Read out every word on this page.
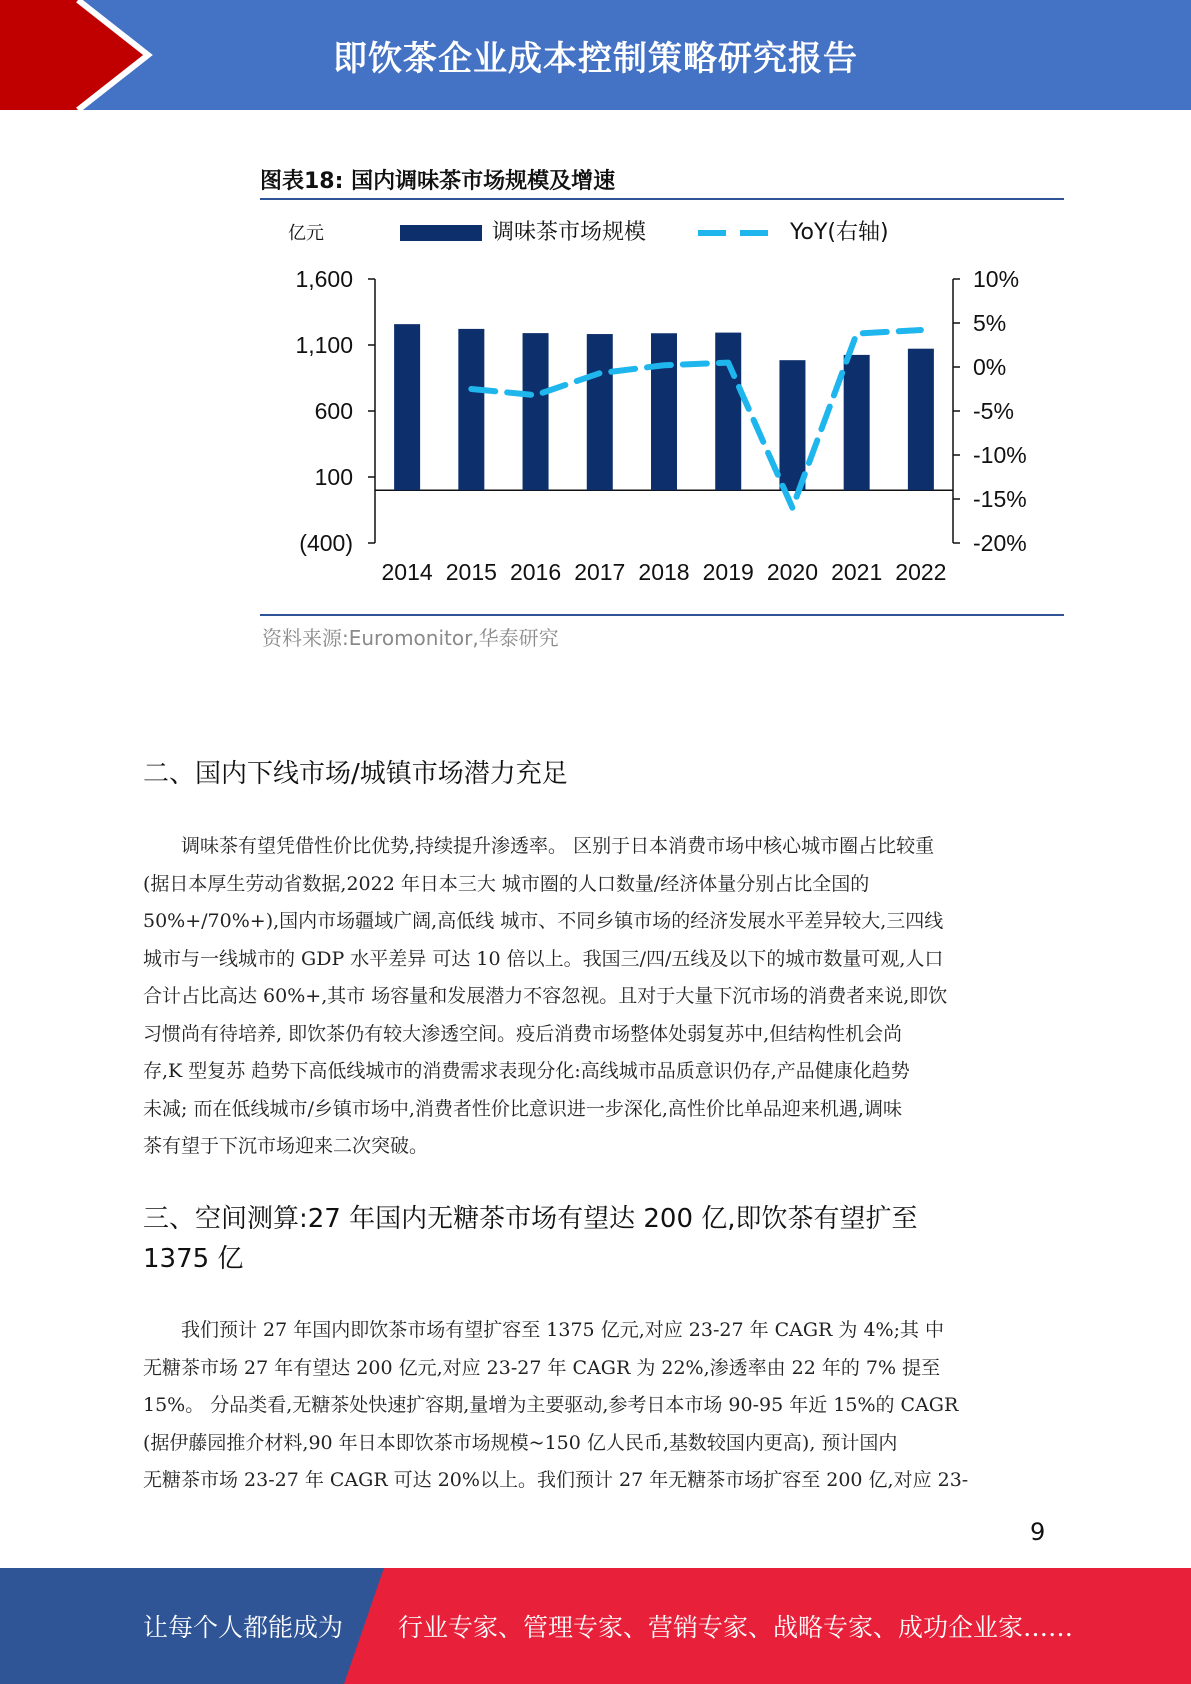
即饮茶企业成本控制策略研究报告
图表18: 国内调味茶市场规模及增速
调味茶市场规模	YoY(右轴)
亿元
1,600
1,100
600
100
(400)
10%
5%
0%
-5%
-10%
-15%
-20%
2014 2015 2016 2017 2018 2019 2020 2021 2022
资料来源:Euromonitor,华泰研究
二、国内下线市场/城镇市场潜力充足
调味茶有望凭借性价比优势,持续提升渗透率。 区别于日本消费市场中核心城市圈占比较重
(据日本厚生劳动省数据,2022 年日本三大 城市圈的人口数量/经济体量分别占比全国的
50%+/70%+),国内市场疆域广阔,高低线 城市、不同乡镇市场的经济发展水平差异较大,三四线
城市与一线城市的 GDP 水平差异 可达 10 倍以上。我国三/四/五线及以下的城市数量可观,人口
合计占比高达 60%+,其市 场容量和发展潜力不容忽视。且对于大量下沉市场的消费者来说,即饮
习惯尚有待培养, 即饮茶仍有较大渗透空间。疫后消费市场整体处弱复苏中,但结构性机会尚
存,K 型复苏 趋势下高低线城市的消费需求表现分化:高线城市品质意识仍存,产品健康化趋势
未减; 而在低线城市/乡镇市场中,消费者性价比意识进一步深化,高性价比单品迎来机遇,调味
茶有望于下沉市场迎来二次突破。
三、空间测算:27 年国内无糖茶市场有望达 200 亿,即饮茶有望扩至
1375 亿
我们预计 27 年国内即饮茶市场有望扩容至 1375 亿元,对应 23-27 年 CAGR 为 4%;其 中
无糖茶市场 27 年有望达 200 亿元,对应 23-27 年 CAGR 为 22%,渗透率由 22 年的 7% 提至
15%。 分品类看,无糖茶处快速扩容期,量增为主要驱动,参考日本市场 90-95 年近 15%的 CAGR
(据伊藤园推介材料,90 年日本即饮茶市场规模~150 亿人民币,基数较国内更高), 预计国内
无糖茶市场 23-27 年 CAGR 可达 20%以上。我们预计 27 年无糖茶市场扩容至 200 亿,对应 23-
9
让每个人都能成为 行业专家、管理专家、营销专家、战略专家、成功企业家……
